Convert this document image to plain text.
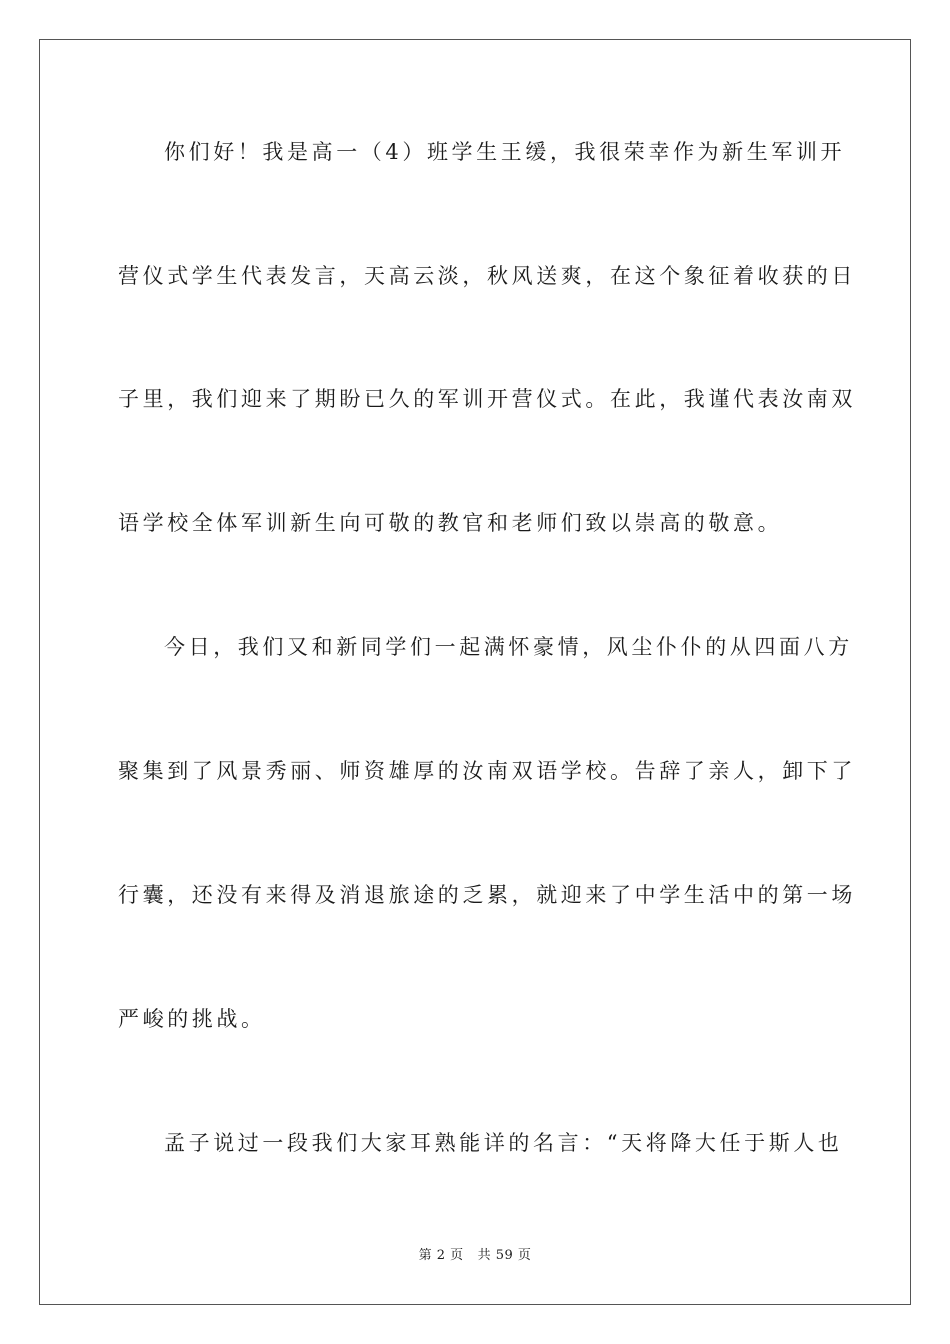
你们好！我是高一（4）班学生王缓，我很荣幸作为新生军训开
营仪式学生代表发言，天高云淡，秋风送爽，在这个象征着收获的日
子里，我们迎来了期盼已久的军训开营仪式。在此，我谨代表汝南双
语学校全体军训新生向可敬的教官和老师们致以崇高的敬意。
今日，我们又和新同学们一起满怀豪情，风尘仆仆的从四面八方
聚集到了风景秀丽、师资雄厚的汝南双语学校。告辞了亲人，卸下了
行囊，还没有来得及消退旅途的乏累，就迎来了中学生活中的第一场
严峻的挑战。
孟子说过一段我们大家耳熟能详的名言：“天将降大任于斯人也
第 2 页 共 59 页
